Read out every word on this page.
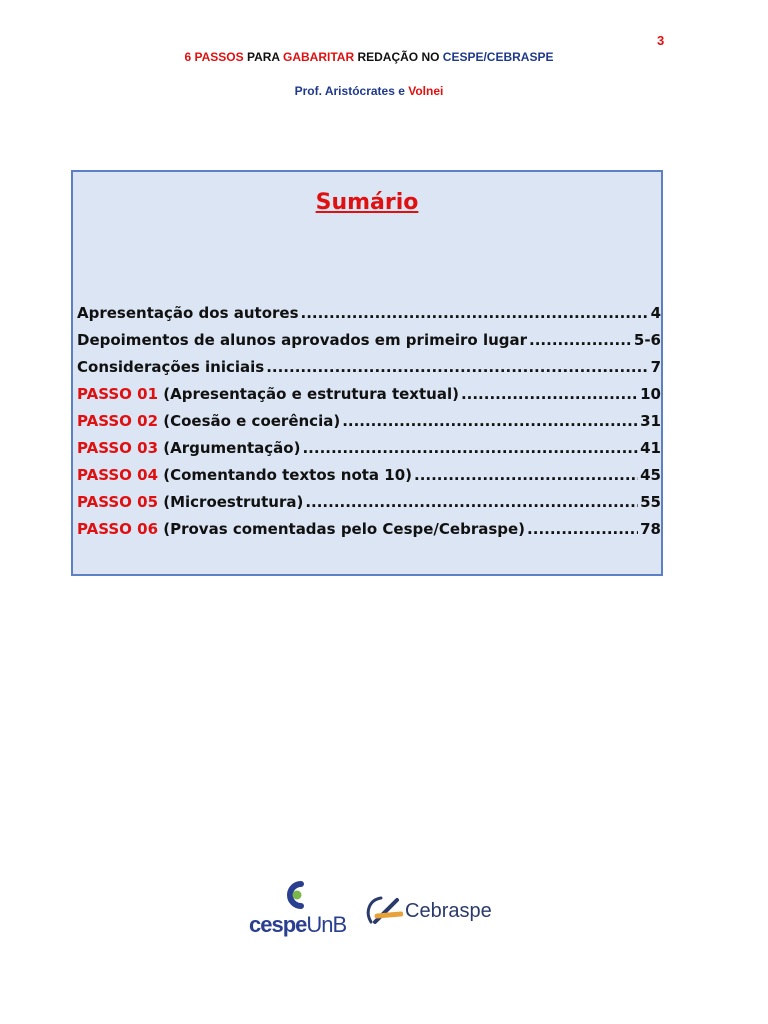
3
6 PASSOS PARA GABARITAR REDAÇÃO NO CESPE/CEBRASPE
Prof. Aristócrates e Volnei
Sumário
Apresentação dos autores .....	4
Depoimentos de alunos aprovados em primeiro lugar .....	5-6
Considerações iniciais .....	7
PASSO 01 (Apresentação e estrutura textual) .....	10
PASSO 02 (Coesão e coerência) .....	31
PASSO 03 (Argumentação) .....	41
PASSO 04 (Comentando textos nota 10) .....	45
PASSO 05 (Microestrutura) .....	55
PASSO 06 (Provas comentadas pelo Cespe/Cebraspe) .....	78
cespeUnB
Cebraspe
